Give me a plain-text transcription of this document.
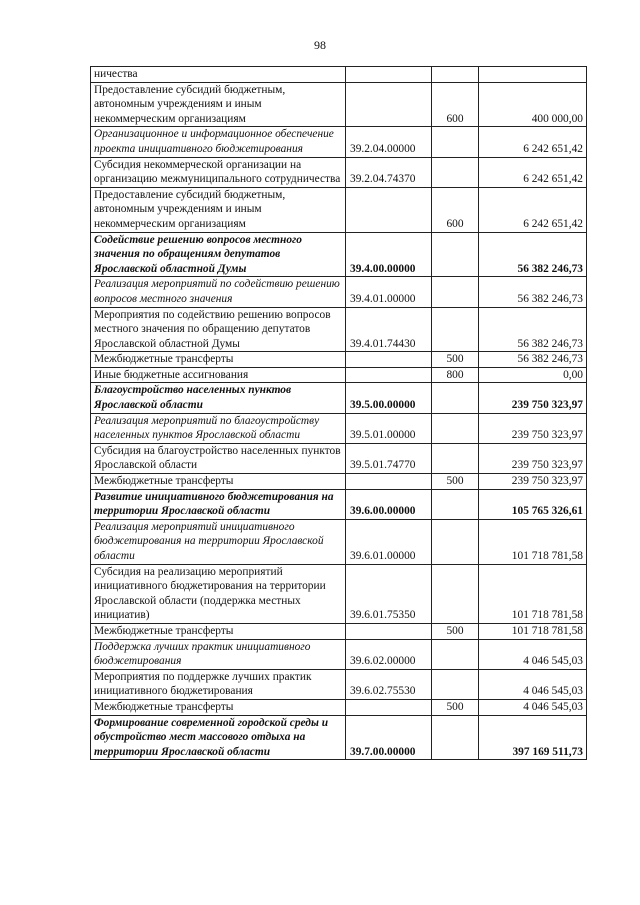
98
ничества			
Предоставление субсидий бюджетным, автономным учреждениям и иным некоммерческим организациям		600	400 000,00
Организационное и информационное обеспечение проекта инициативного бюджетирования	39.2.04.00000		6 242 651,42
Субсидия некоммерческой организации на организацию межмуниципального сотрудничества	39.2.04.74370		6 242 651,42
Предоставление субсидий бюджетным, автономным учреждениям и иным некоммерческим организациям		600	6 242 651,42
Содействие решению вопросов местного значения по обращениям депутатов Ярославской областной Думы	39.4.00.00000		56 382 246,73
Реализация мероприятий по содействию решению вопросов местного значения	39.4.01.00000		56 382 246,73
Мероприятия по содействию решению вопросов местного значения по обращению депутатов Ярославской областной Думы	39.4.01.74430		56 382 246,73
Межбюджетные трансферты		500	56 382 246,73
Иные бюджетные ассигнования		800	0,00
Благоустройство населенных пунктов Ярославской области	39.5.00.00000		239 750 323,97
Реализация мероприятий по благоустройству населенных пунктов Ярославской области	39.5.01.00000		239 750 323,97
Субсидия на благоустройство населенных пунктов Ярославской области	39.5.01.74770		239 750 323,97
Межбюджетные трансферты		500	239 750 323,97
Развитие инициативного бюджетирования на территории Ярославской области	39.6.00.00000		105 765 326,61
Реализация мероприятий инициативного бюджетирования на территории Ярославской области	39.6.01.00000		101 718 781,58
Субсидия на реализацию мероприятий инициативного бюджетирования на территории Ярославской области (поддержка местных инициатив)	39.6.01.75350		101 718 781,58
Межбюджетные трансферты		500	101 718 781,58
Поддержка лучших практик инициативного бюджетирования	39.6.02.00000		4 046 545,03
Мероприятия по поддержке лучших практик инициативного бюджетирования	39.6.02.75530		4 046 545,03
Межбюджетные трансферты		500	4 046 545,03
Формирование современной городской среды и обустройство мест массового отдыха на территории Ярославской области	39.7.00.00000		397 169 511,73
